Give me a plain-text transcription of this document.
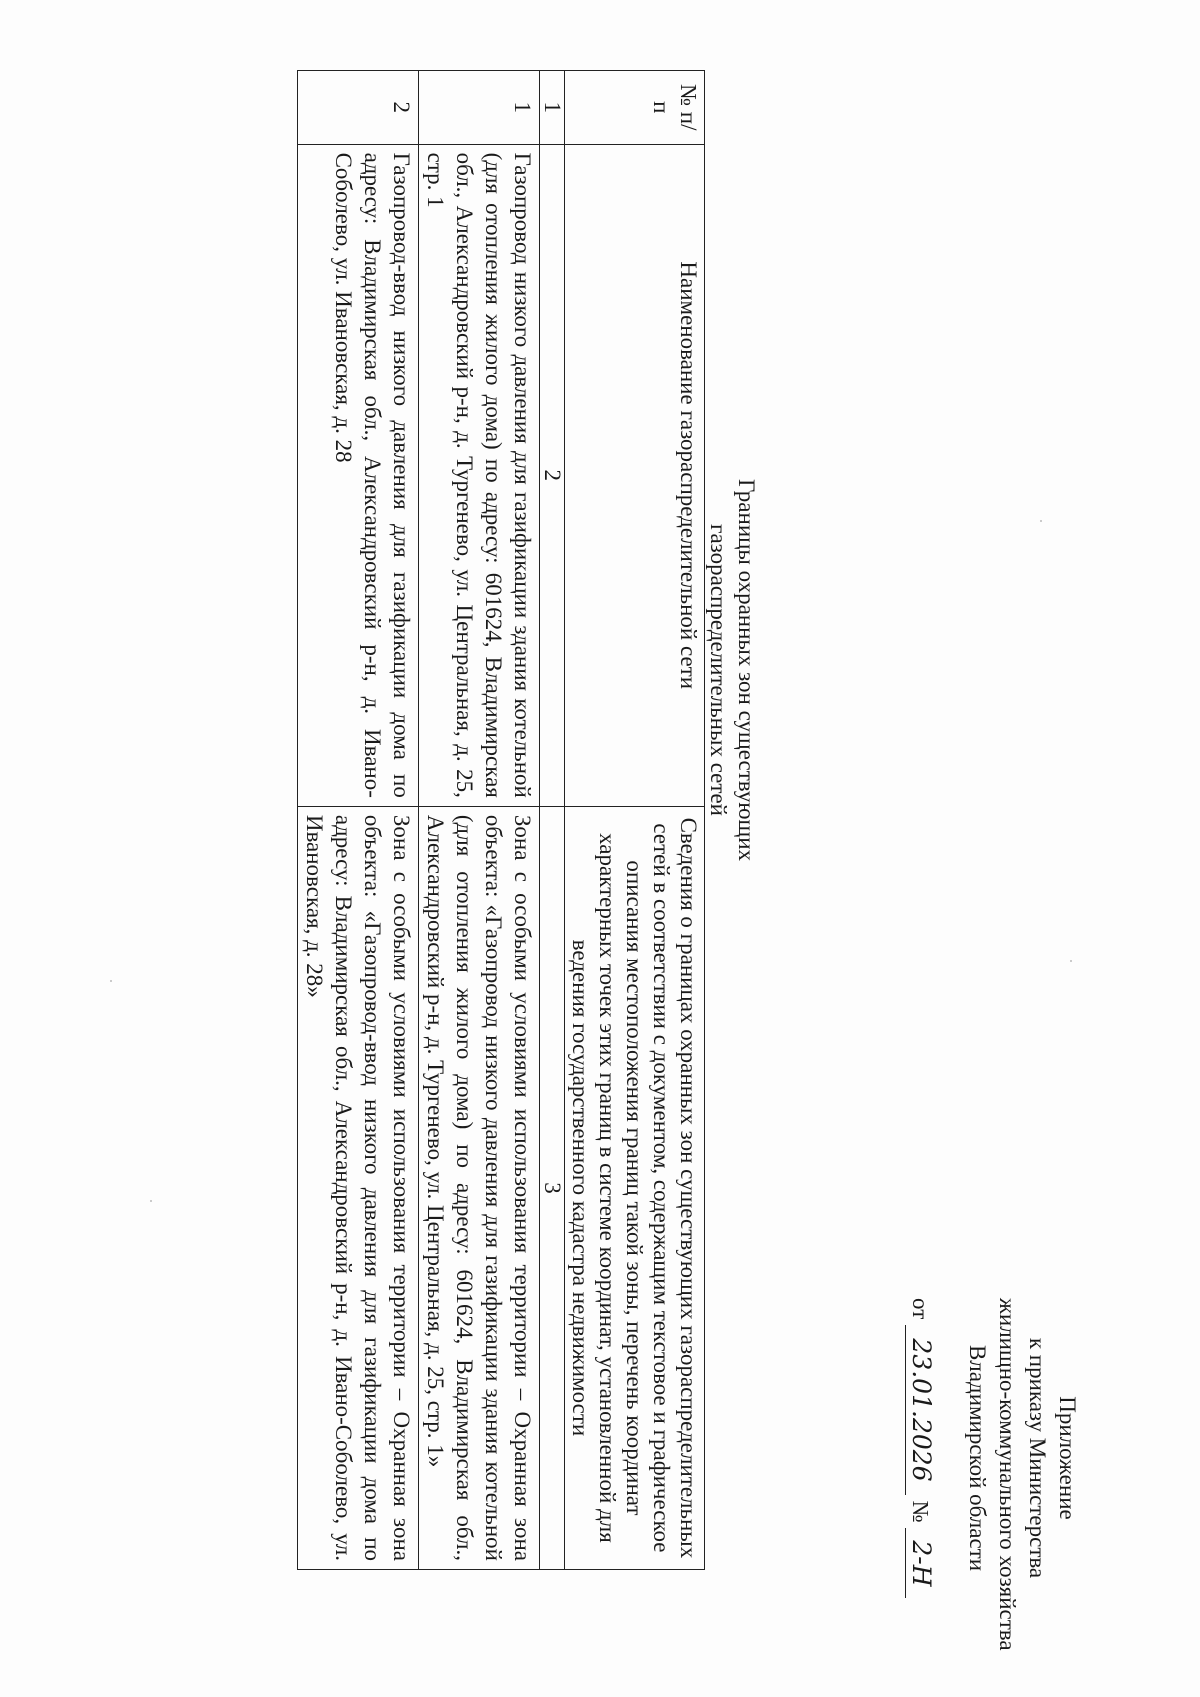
Приложение
к приказу Министерства
жилищно-коммунального хозяйства
Владимирской области
от 23.01.2026 № 2-Н
Границы охранных зон существующих
газораспределительных сетей
№ п/п	Наименование газораспределительной сети	Сведения о границах охранных зон существующих газораспределительных сетей в соответствии с документом, содержащим текстовое и графическое описания местоположения границ такой зоны, перечень координат характерных точек этих границ в системе координат, установленной для ведения государственного кадастра недвижимости
1	2	3
1	Газопровод низкого давления для газификации здания котельной (для отопления жилого дома) по адресу: 601624, Владимирская обл., Александровский р-н, д. Тургенево, ул. Центральная, д. 25, стр. 1	Зона с особыми условиями использования территории – Охранная зона объекта: «Газопровод низкого давления для газификации здания котельной (для отопления жилого дома) по адресу: 601624, Владимирская обл., Александровский р-н, д. Тургенево, ул. Центральная, д. 25, стр. 1»
2	Газопровод-ввод низкого давления для газификации дома по адресу: Владимирская обл., Александровский р-н, д. Ивано-Соболево, ул. Ивановская, д. 28	Зона с особыми условиями использования территории – Охранная зона объекта: «Газопровод-ввод низкого давления для газификации дома по адресу: Владимирская обл., Александровский р-н, д. Ивано-Соболево, ул. Ивановская, д. 28»
